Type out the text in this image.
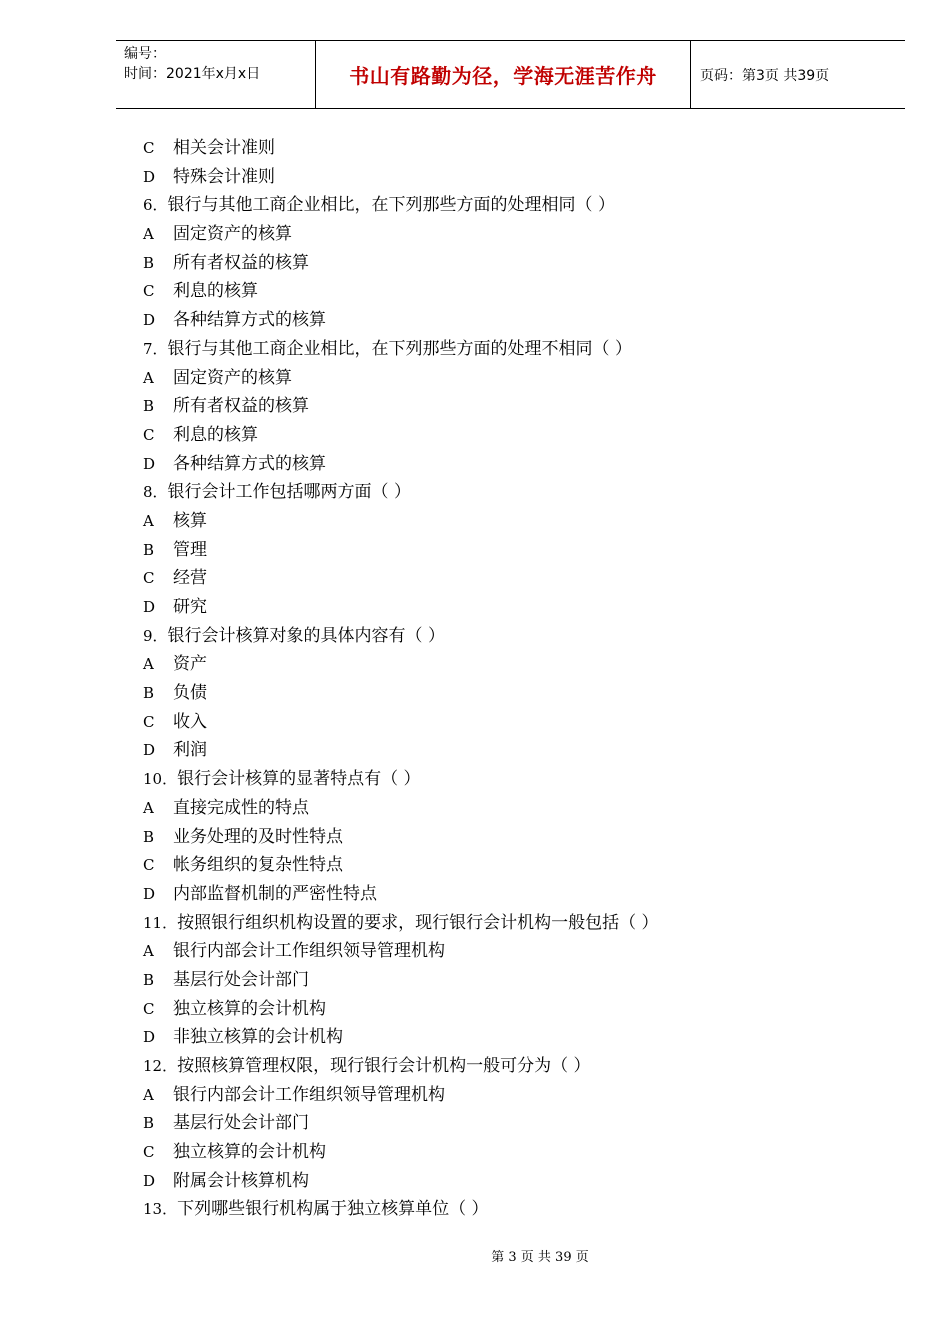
编号：
时间：2021年x月x日	书山有路勤为径，学海无涯苦作舟	页码：第3页 共39页
C 相关会计准则
D 特殊会计准则
6．银行与其他工商企业相比，在下列那些方面的处理相同（ ）
A 固定资产的核算
B 所有者权益的核算
C 利息的核算
D 各种结算方式的核算
7．银行与其他工商企业相比，在下列那些方面的处理不相同（ ）
A 固定资产的核算
B 所有者权益的核算
C 利息的核算
D 各种结算方式的核算
8．银行会计工作包括哪两方面（ ）
A 核算
B 管理
C 经营
D 研究
9．银行会计核算对象的具体内容有（ ）
A 资产
B 负债
C 收入
D 利润
10．银行会计核算的显著特点有（ ）
A 直接完成性的特点
B 业务处理的及时性特点
C 帐务组织的复杂性特点
D 内部监督机制的严密性特点
11．按照银行组织机构设置的要求，现行银行会计机构一般包括（ ）
A 银行内部会计工作组织领导管理机构
B 基层行处会计部门
C 独立核算的会计机构
D 非独立核算的会计机构
12．按照核算管理权限，现行银行会计机构一般可分为（ ）
A 银行内部会计工作组织领导管理机构
B 基层行处会计部门
C 独立核算的会计机构
D 附属会计核算机构
13．下列哪些银行机构属于独立核算单位（ ）
第 3 页 共 39 页
